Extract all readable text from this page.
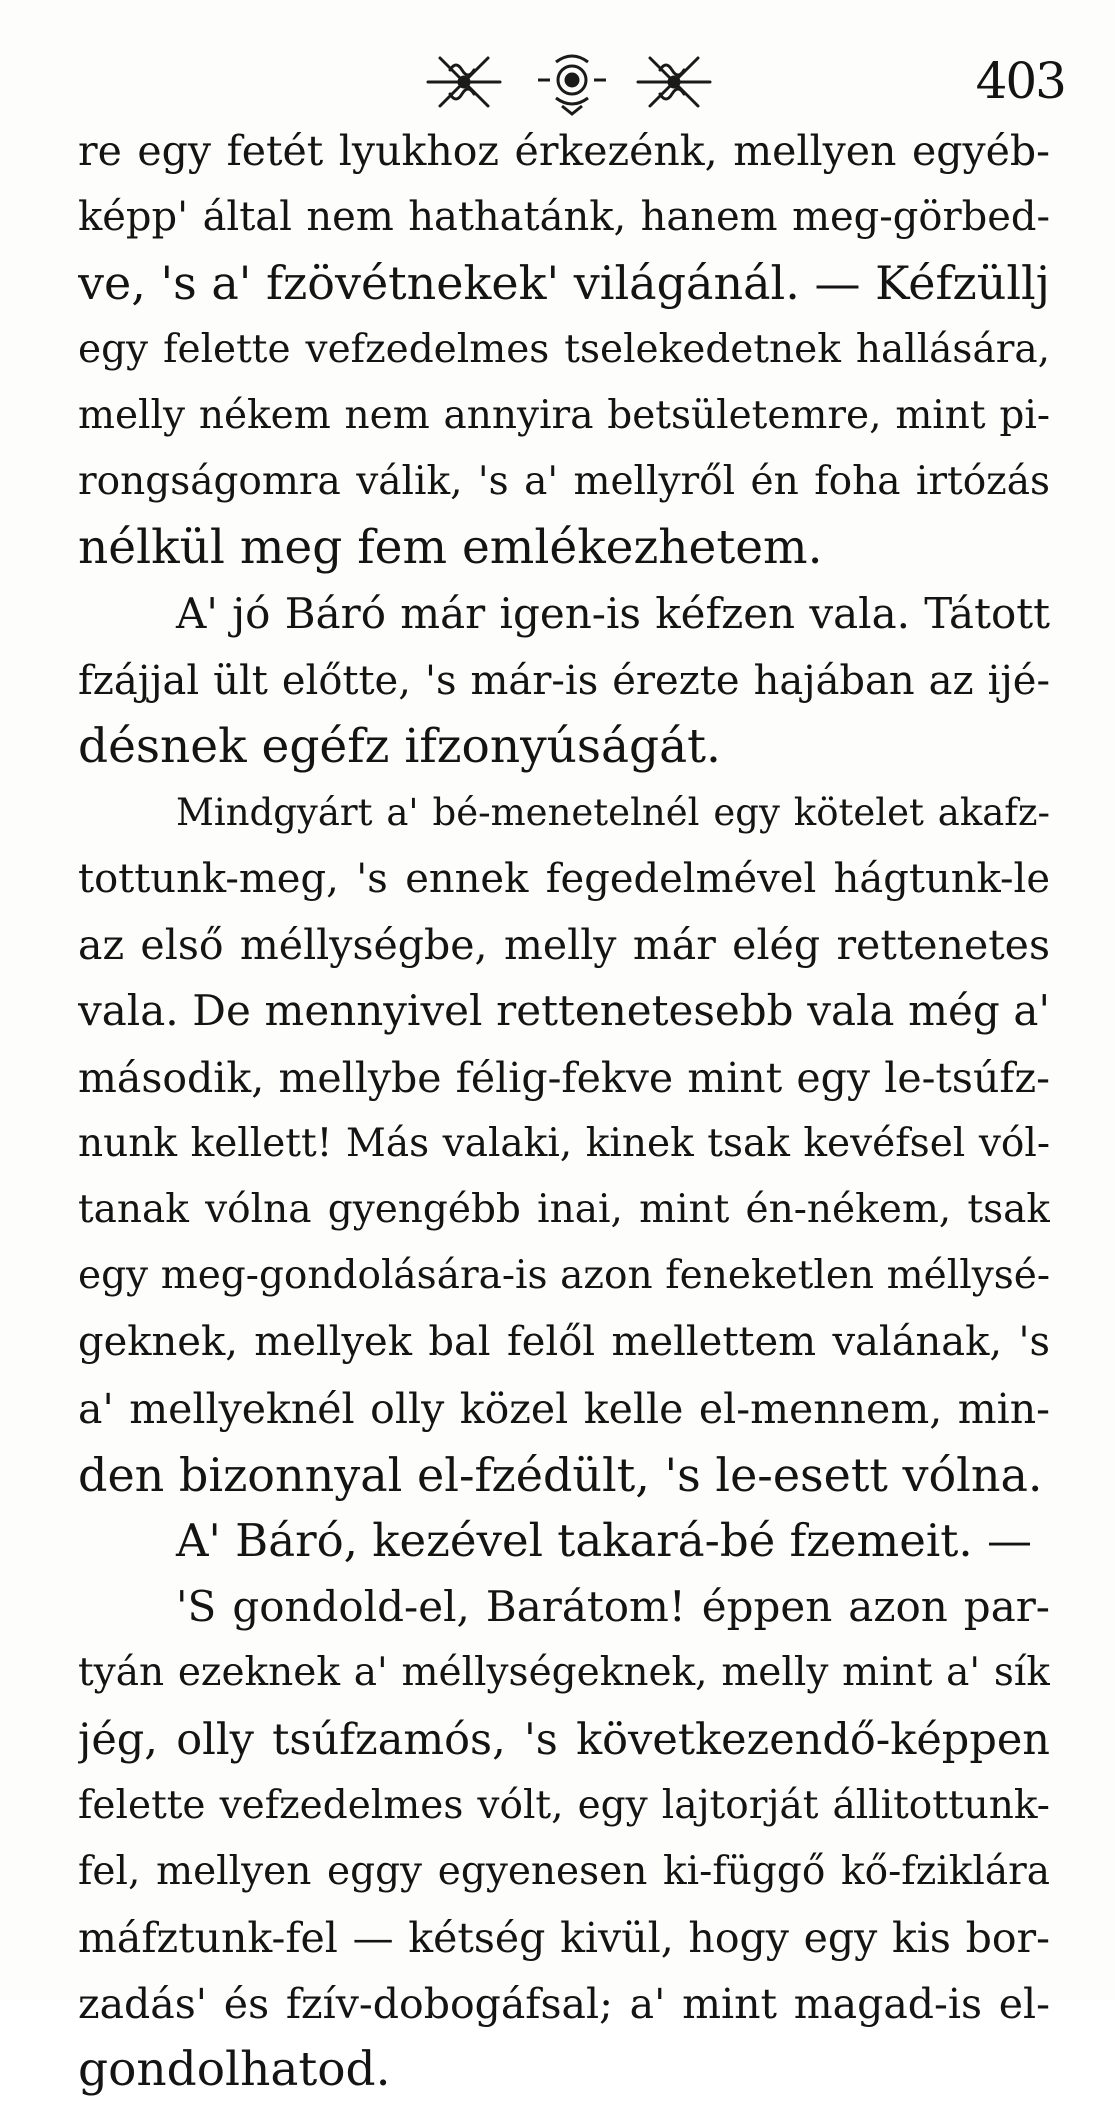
403
re egy fetét lyukhoz érkezénk, mellyen egyéb-
képp' által nem hathatánk, hanem meg-görbed-
ve, 's a' fzövétnekek' világánál. — Kéfzüllj
egy felette vefzedelmes tselekedetnek hallására,
melly nékem nem annyira betsületemre, mint pi-
rongságomra válik, 's a' mellyről én foha irtózás
nélkül meg fem emlékezhetem.
A' jó Báró már igen-is kéfzen vala. Tátott
fzájjal ült előtte, 's már-is érezte hajában az ijé-
désnek egéfz ifzonyúságát.
Mindgyárt a' bé-menetelnél egy kötelet akafz-
tottunk-meg, 's ennek fegedelmével hágtunk-le
az első méllységbe, melly már elég rettenetes
vala. De mennyivel rettenetesebb vala még a'
második, mellybe félig-fekve mint egy le-tsúfz-
nunk kellett! Más valaki, kinek tsak kevéfsel vól-
tanak vólna gyengébb inai, mint én-nékem, tsak
egy meg-gondolására-is azon feneketlen méllysé-
geknek, mellyek bal felől mellettem valának, 's
a' mellyeknél olly közel kelle el-mennem, min-
den bizonnyal el-fzédült, 's le-esett vólna.
A' Báró, kezével takará-bé fzemeit. —
'S gondold-el, Barátom! éppen azon par-
tyán ezeknek a' méllységeknek, melly mint a' sík
jég, olly tsúfzamós, 's következendő-képpen
felette vefzedelmes vólt, egy lajtorját állitottunk-
fel, mellyen eggy egyenesen ki-függő kő-fziklára
máfztunk-fel — kétség kivül, hogy egy kis bor-
zadás' és fzív-dobogáfsal; a' mint magad-is el-
gondolhatod.
